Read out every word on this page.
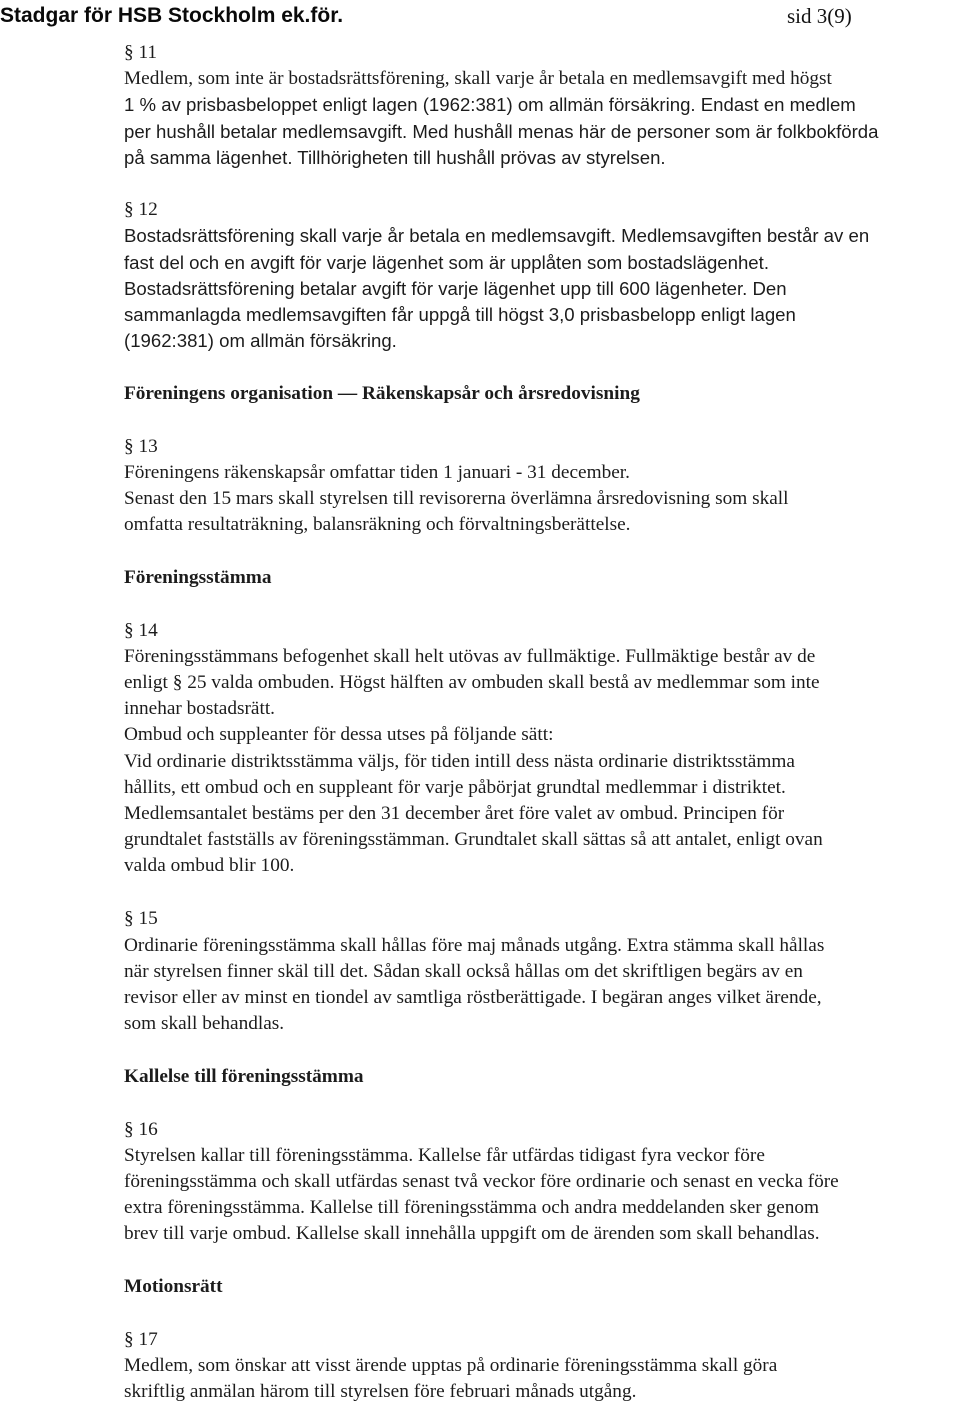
Stadgar för HSB Stockholm ek.för.	sid 3(9)
§ 11

Medlem, som inte är bostadsrättsförening, skall varje år betala en medlemsavgift med högst
1 % av prisbasbeloppet enligt lagen (1962:381) om allmän försäkring. Endast en medlem
per hushåll betalar medlemsavgift. Med hushåll menas här de personer som är folkbokförda
på samma lägenhet. Tillhörigheten till hushåll prövas av styrelsen.

§ 12

Bostadsrättsförening skall varje år betala en medlemsavgift. Medlemsavgiften består av en
fast del och en avgift för varje lägenhet som är upplåten som bostadslägenhet.
Bostadsrättsförening betalar avgift för varje lägenhet upp till 600 lägenheter. Den
sammanlagda medlemsavgiften får uppgå till högst 3,0 prisbasbelopp enligt lagen
(1962:381) om allmän försäkring.

Föreningens organisation — Räkenskapsår och årsredovisning
§ 13

Föreningens räkenskapsår omfattar tiden 1 januari - 31 december.
Senast den 15 mars skall styrelsen till revisorerna överlämna årsredovisning som skall
omfatta resultaträkning, balansräkning och förvaltningsberättelse.

Föreningsstämma
§ 14

Föreningsstämmans befogenhet skall helt utövas av fullmäktige. Fullmäktige består av de
enligt § 25 valda ombuden. Högst hälften av ombuden skall bestå av medlemmar som inte
innehar bostadsrätt.
Ombud och suppleanter för dessa utses på följande sätt:
Vid ordinarie distriktsstämma väljs, för tiden intill dess nästa ordinarie distriktsstämma
hållits, ett ombud och en suppleant för varje påbörjat grundtal medlemmar i distriktet.
Medlemsantalet bestäms per den 31 december året före valet av ombud. Principen för
grundtalet fastställs av föreningsstämman. Grundtalet skall sättas så att antalet, enligt ovan
valda ombud blir 100.

§ 15

Ordinarie föreningsstämma skall hållas före maj månads utgång. Extra stämma skall hållas
när styrelsen finner skäl till det. Sådan skall också hållas om det skriftligen begärs av en
revisor eller av minst en tiondel av samtliga röstberättigade. I begäran anges vilket ärende,
som skall behandlas.

Kallelse till föreningsstämma
§ 16

Styrelsen kallar till föreningsstämma. Kallelse får utfärdas tidigast fyra veckor före
föreningsstämma och skall utfärdas senast två veckor före ordinarie och senast en vecka före
extra föreningsstämma. Kallelse till föreningsstämma och andra meddelanden sker genom
brev till varje ombud. Kallelse skall innehålla uppgift om de ärenden som skall behandlas.

Motionsrätt
§ 17

Medlem, som önskar att visst ärende upptas på ordinarie föreningsstämma skall göra
skriftlig anmälan härom till styrelsen före februari månads utgång.
